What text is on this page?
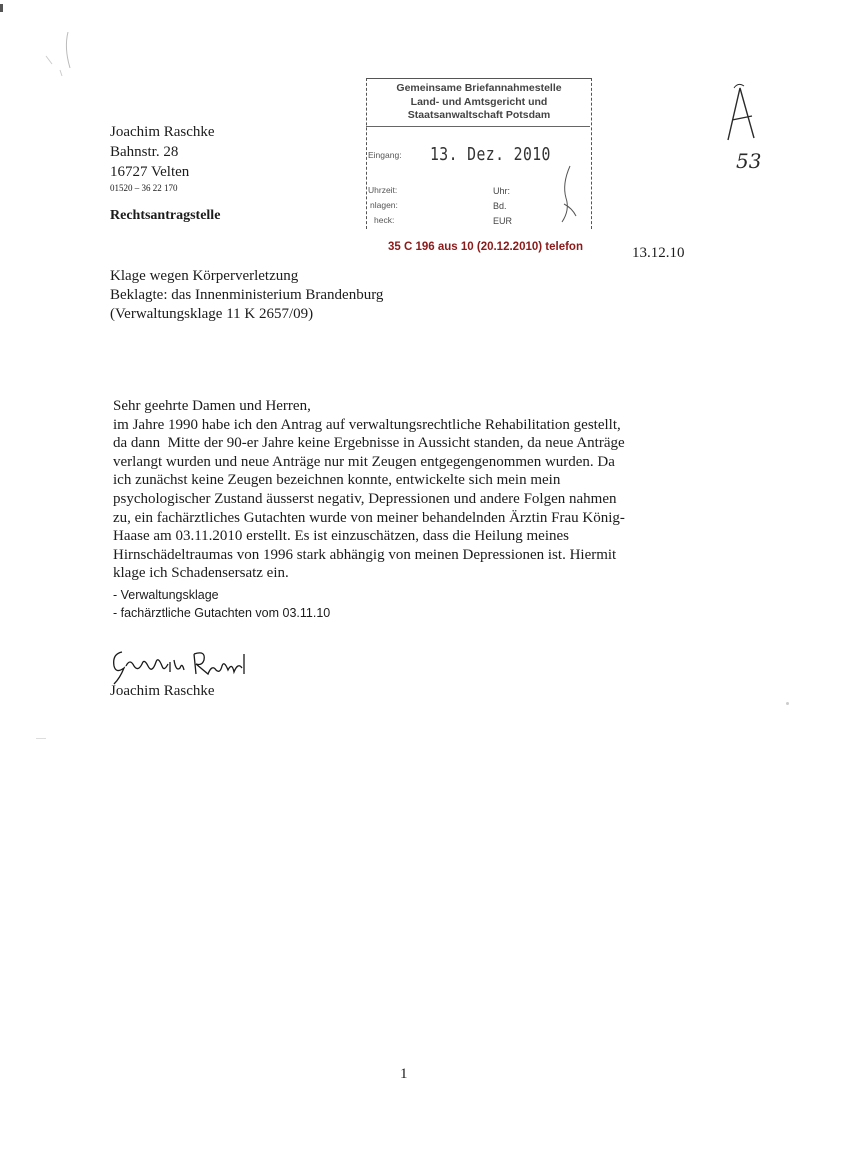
Joachim Raschke
Bahnstr. 28
16727 Velten
01520 – 36 22 170
Rechtsantragstelle
Gemeinsame Briefannahmestelle
Land- und Amtsgericht und
Staatsanwaltschaft Potsdam
Eingang: 13. Dez. 2010
Uhrzeit:
nlagen:
heck:
Uhr:
Bd.
EUR
53
35 C 196 aus 10 (20.12.2010) telefon	13.12.10
Klage wegen Körperverletzung
Beklagte: das Innenministerium Brandenburg
(Verwaltungsklage 11 K 2657/09)

Sehr geehrte Damen und Herren,

im Jahre 1990 habe ich den Antrag auf verwaltungsrechtliche Rehabilitation gestellt,

da dann  Mitte der 90-er Jahre keine Ergebnisse in Aussicht standen, da neue Anträge

verlangt wurden und neue Anträge nur mit Zeugen entgegengenommen wurden. Da

ich zunächst keine Zeugen bezeichnen konnte, entwickelte sich mein mein

psychologischer Zustand äusserst negativ, Depressionen und andere Folgen nahmen

zu, ein fachärztliches Gutachten wurde von meiner behandelnden Ärztin Frau König-

Haase am 03.11.2010 erstellt. Es ist einzuschätzen, dass die Heilung meines

Hirnschädeltraumas von 1996 stark abhängig von meinen Depressionen ist. Hiermit

klage ich Schadensersatz ein.

- Verwaltungsklage
- fachärztliche Gutachten vom 03.11.10
Joachim Raschke
1
